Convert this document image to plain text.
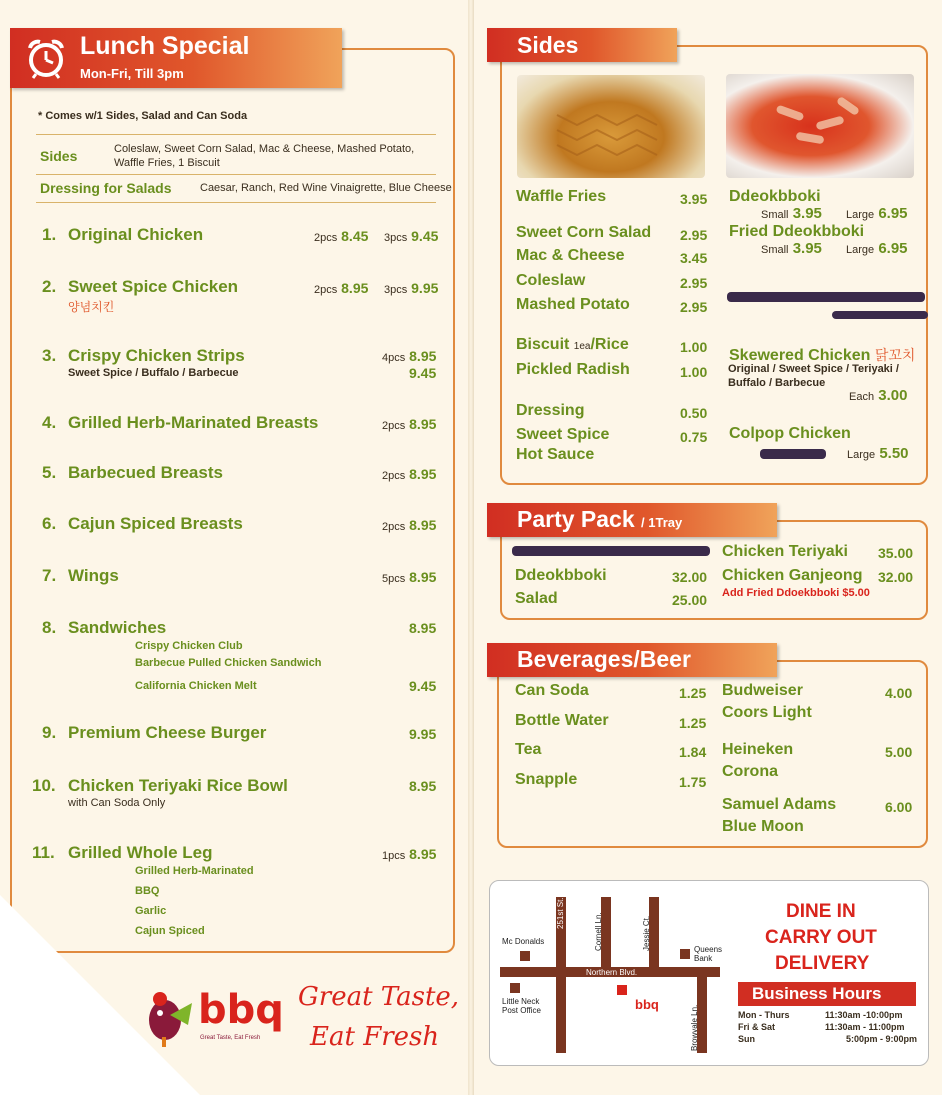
Lunch Special
Mon-Fri, Till 3pm
* Comes w/1 Sides, Salad and Can Soda
Sides	Coleslaw, Sweet Corn Salad, Mac & Cheese, Mashed Potato,
Waffle Fries, 1 Biscuit
Dressing for Salads	Caesar, Ranch, Red Wine Vinaigrette, Blue Cheese
1. Original Chicken	2pcs 8.45 3pcs 9.45
2. Sweet Spice Chicken
양념치킨
2pcs 8.95 3pcs 9.95
3. Crispy Chicken Strips
Sweet Spice / Buffalo / Barbecue
4pcs 8.95
9.45
4. Grilled Herb-Marinated Breasts	2pcs 8.95
5. Barbecued Breasts	2pcs 8.95
6. Cajun Spiced Breasts	2pcs 8.95
7. Wings	5pcs 8.95
8. Sandwiches	8.95
Crispy Chicken Club
Barbecue Pulled Chicken Sandwich
California Chicken Melt	9.45
9. Premium Cheese Burger	9.95
10. Chicken Teriyaki Rice Bowl
with Can Soda Only
8.95
11. Grilled Whole Leg	1pcs 8.95
Grilled Herb-Marinated
BBQ
Garlic
Cajun Spiced
bbq
Great Taste, Eat Fresh
Great Taste,
Eat Fresh
Sides
Waffle Fries	3.95
Sweet Corn Salad 2.95
Mac & Cheese	3.45
Coleslaw	2.95
Mashed Potato	2.95
Biscuit 1ea/Rice	1.00
Pickled Radish	1.00
Dressing	0.50
Sweet Spice	0.75
Hot Sauce
Ddeokbboki
Small 3.95 Large 6.95
Fried Ddeokbboki
Small 3.95 Large 6.95
Skewered Chicken 닭꼬치
Original / Sweet Spice / Teriyaki /
Buffalo / Barbecue
Each 3.00
Colpop Chicken
Large 5.50
Party Pack / 1Tray
Ddeokbboki	32.00
Salad	25.00
Chicken Teriyaki 35.00
Chicken Ganjeong 32.00
Add Fried Ddoekbboki $5.00
Beverages/Beer
Can Soda	1.25
Bottle Water	1.25
Tea	1.84
Snapple	1.75
Budweiser	4.00
Coors Light
Heineken	5.00
Corona
Samuel Adams	6.00
Blue Moon
251st St.	Cornell Ln.	Jessie Ct.
Northern Blvd.
Browvale Ln.
Mc Donalds
Queens Bank
Little Neck Post Office	bbq
DINE IN
CARRY OUT
DELIVERY
Business Hours
Mon - Thurs	11:30am -10:00pm
Fri & Sat	11:30am - 11:00pm
Sun	5:00pm - 9:00pm
